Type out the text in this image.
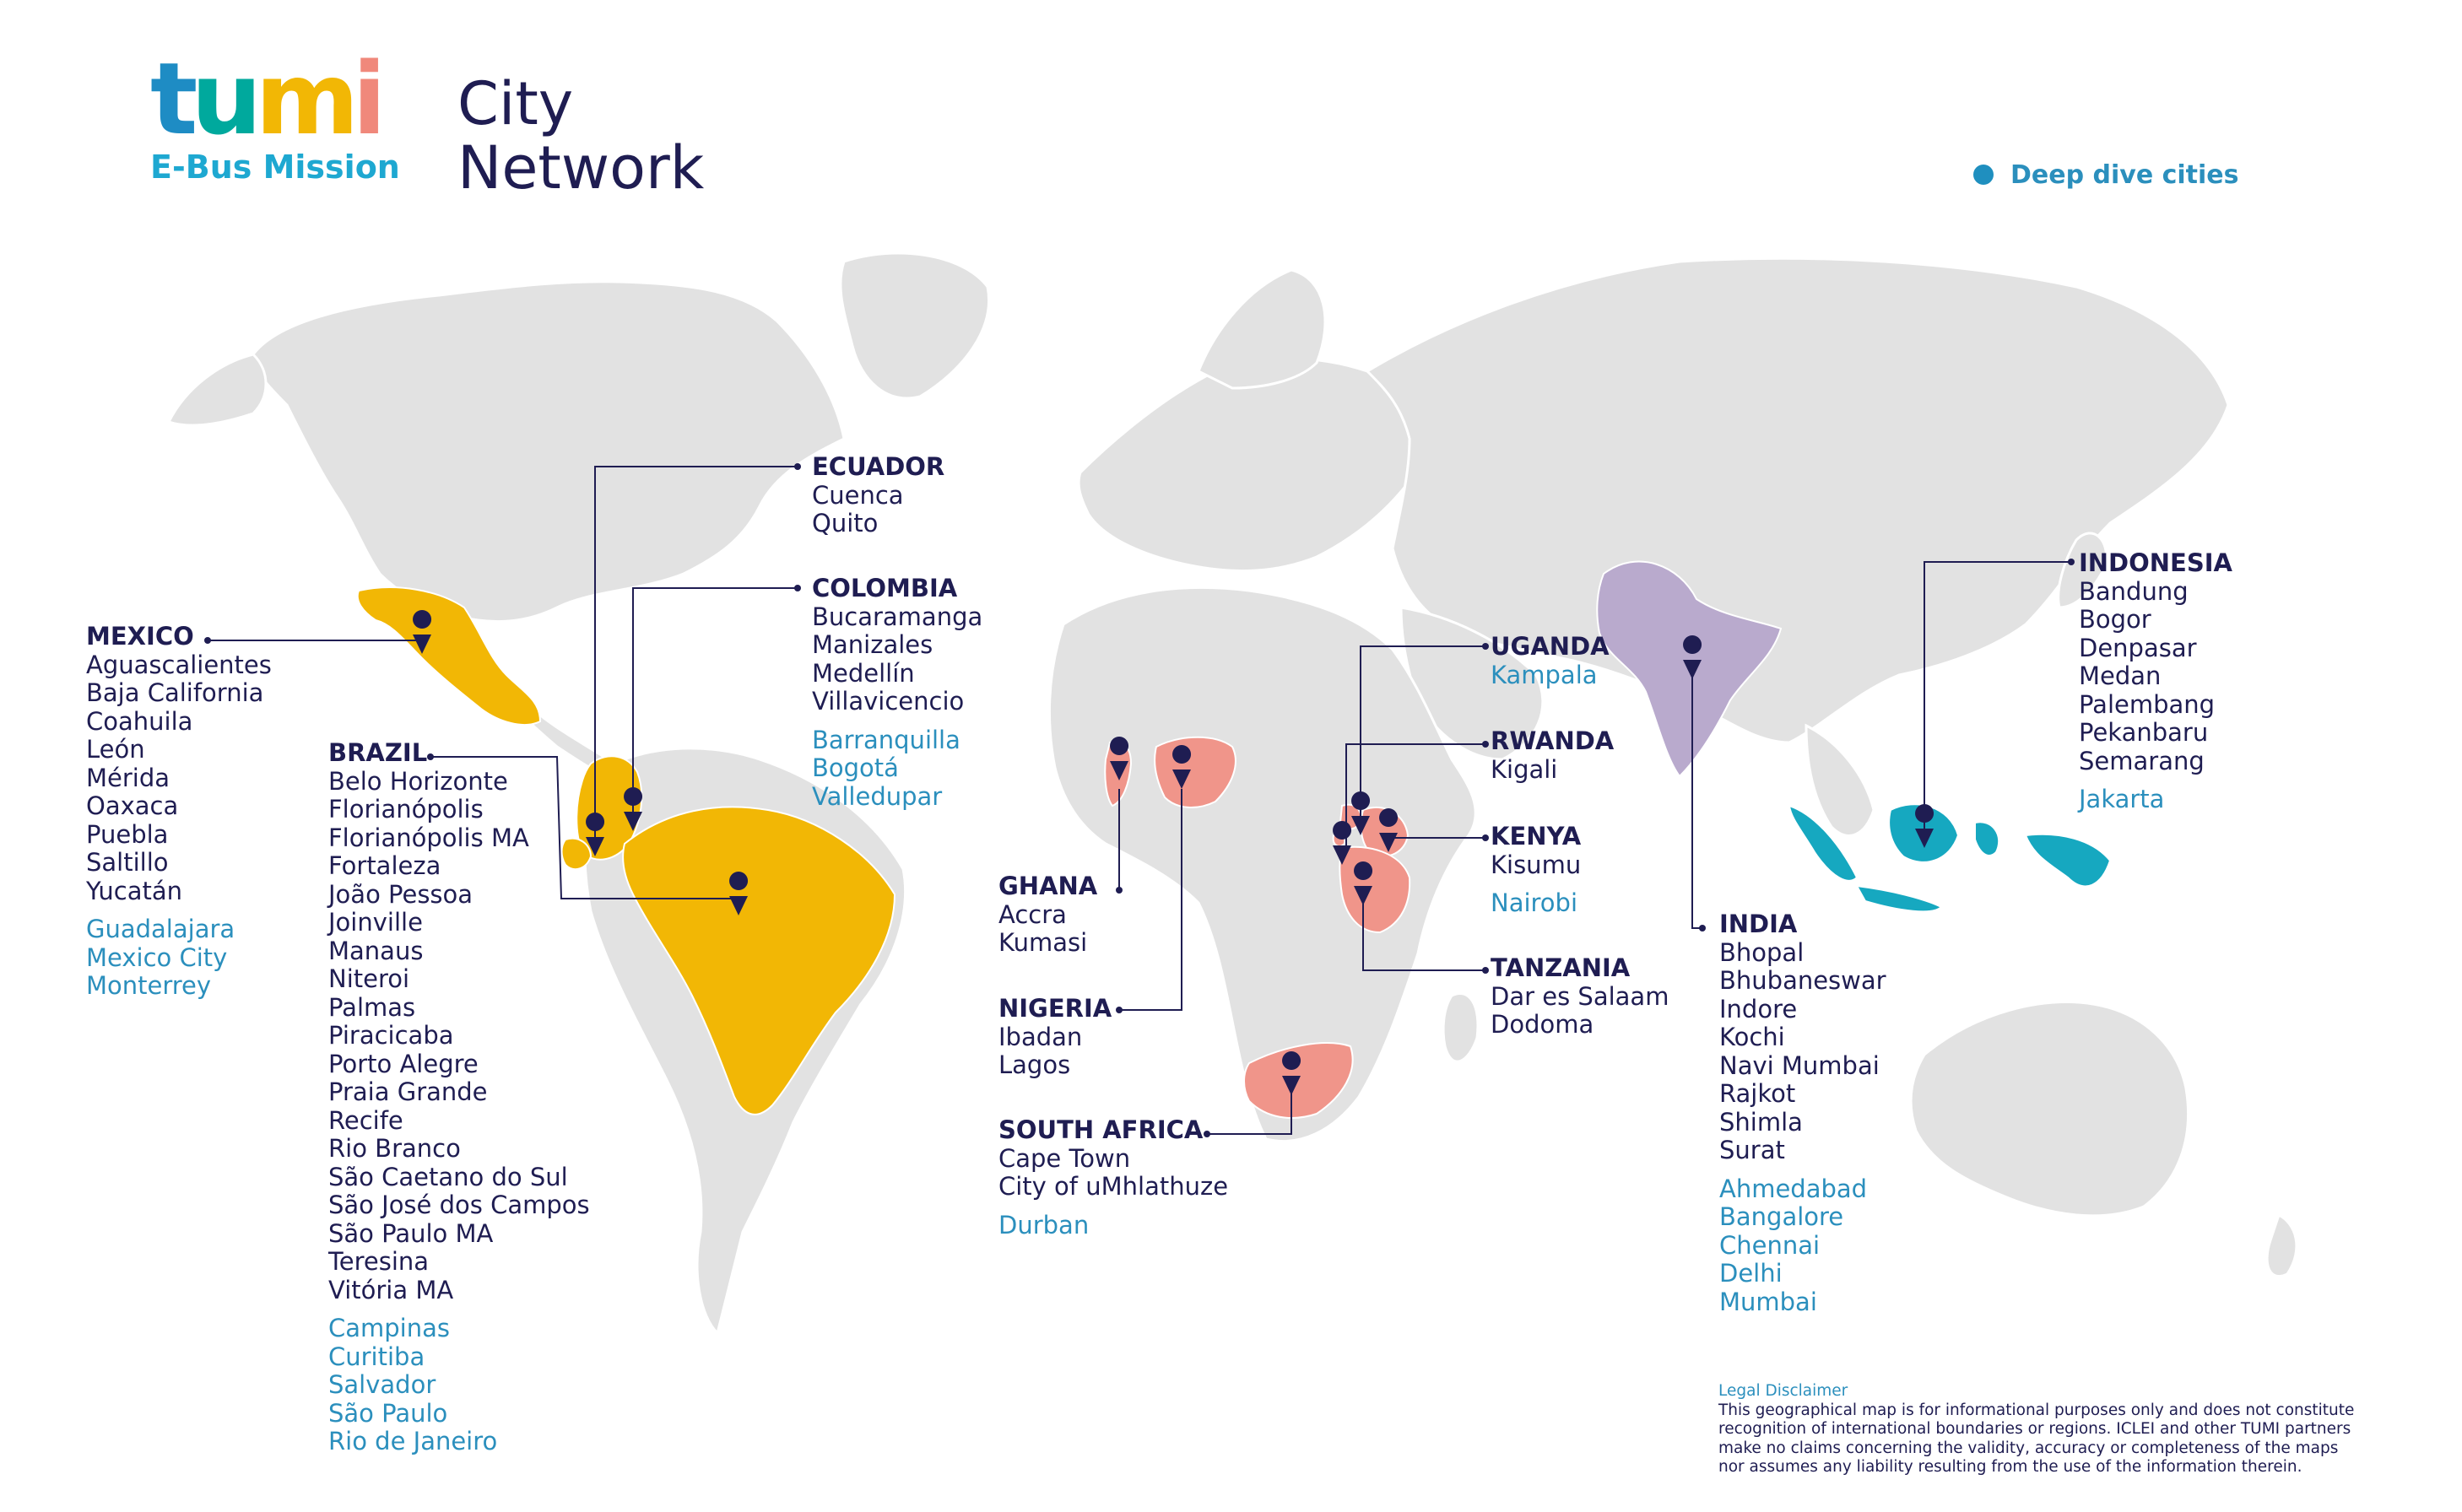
tumi
E-Bus Mission
City
Network	Deep dive cities
MEXICO
Aguascalientes
Baja California
Coahuila
León
Mérida
Oaxaca
Puebla
Saltillo
Yucatán
Guadalajara
Mexico City
Monterrey
BRAZIL
Belo Horizonte
Florianópolis
Florianópolis MA
Fortaleza
João Pessoa
Joinville
Manaus
Niteroi
Palmas
Piracicaba
Porto Alegre
Praia Grande
Recife
Rio Branco
São Caetano do Sul
São José dos Campos
São Paulo MA
Teresina
Vitória MA
Campinas
Curitiba
Salvador
São Paulo
Rio de Janeiro
ECUADOR
Cuenca
Quito
COLOMBIA
Bucaramanga
Manizales
Medellín
Villavicencio
Barranquilla
Bogotá
Valledupar
GHANA
Accra
Kumasi
NIGERIA
Ibadan
Lagos
SOUTH AFRICA
Cape Town
City of uMhlathuze
Durban
UGANDA
Kampala
RWANDA
Kigali
KENYA
Kisumu
Nairobi
TANZANIA
Dar es Salaam
Dodoma
INDIA
Bhopal
Bhubaneswar
Indore
Kochi
Navi Mumbai
Rajkot
Shimla
Surat
Ahmedabad
Bangalore
Chennai
Delhi
Mumbai
INDONESIA
Bandung
Bogor
Denpasar
Medan
Palembang
Pekanbaru
Semarang
Jakarta
Legal Disclaimer
This geographical map is for informational purposes only and does not constitute
recognition of international boundaries or regions. ICLEI and other TUMI partners
make no claims concerning the validity, accuracy or completeness of the maps
nor assumes any liability resulting from the use of the information therein.
